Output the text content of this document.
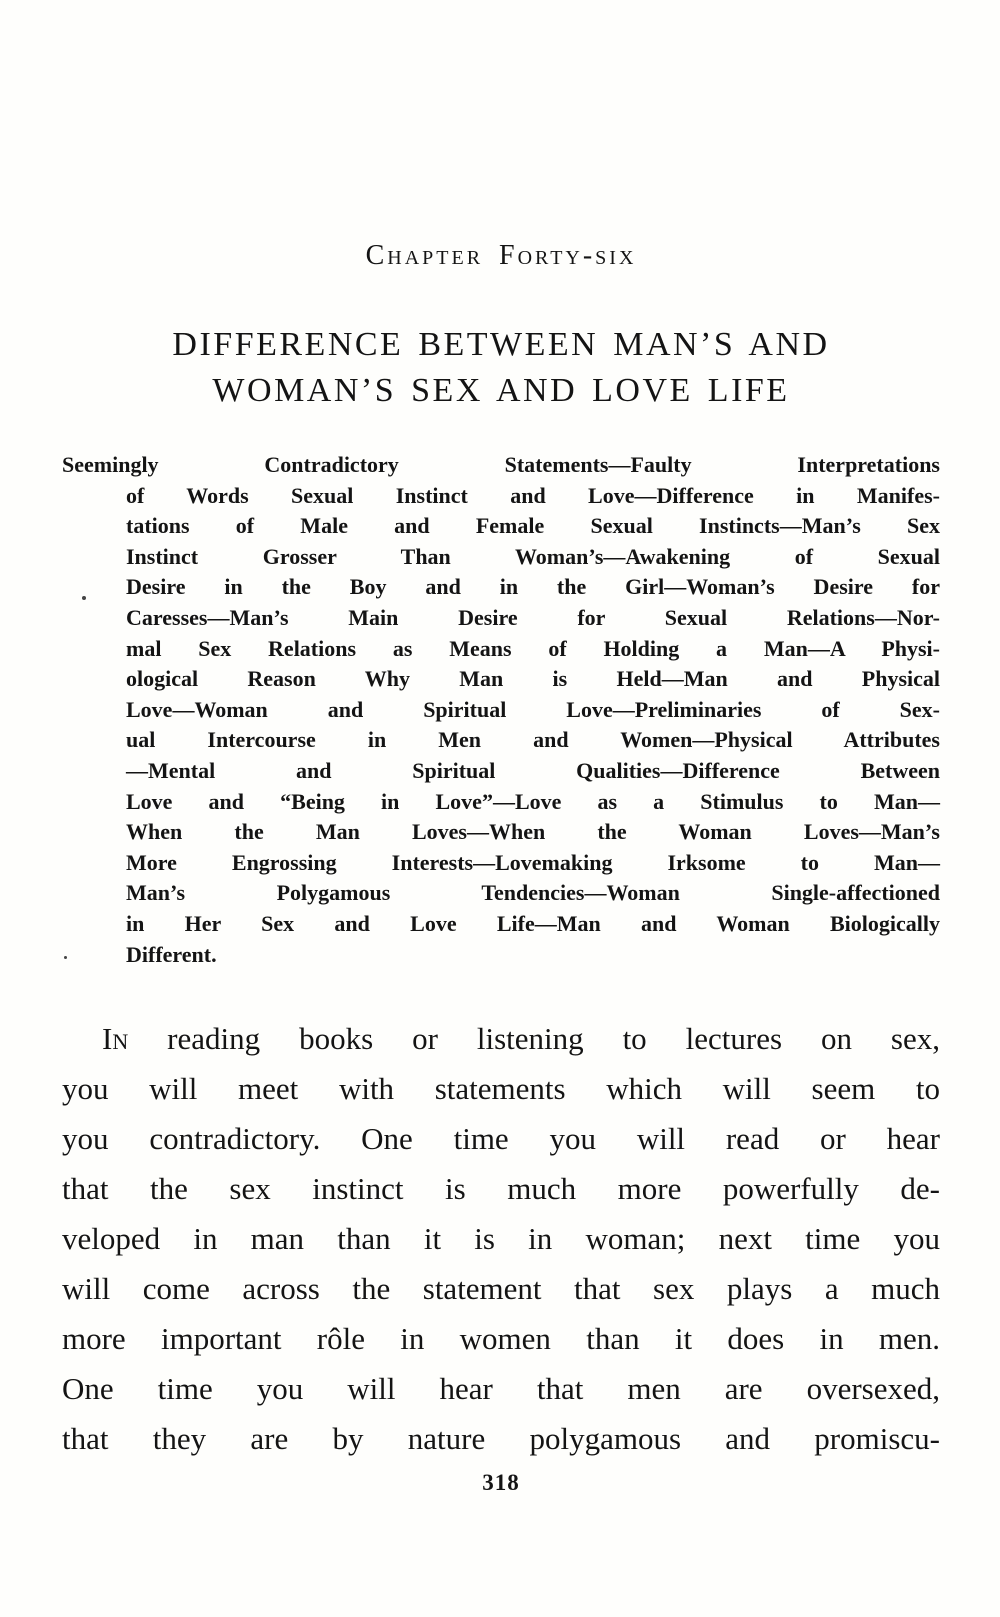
Chapter Forty-six
DIFFERENCE BETWEEN MAN’S AND
WOMAN’S SEX AND LOVE LIFE
Seemingly Contradictory Statements—Faulty Interpretations
of Words Sexual Instinct and Love—Difference in Manifes-
tations of Male and Female Sexual Instincts—Man’s Sex
Instinct Grosser Than Woman’s—Awakening of Sexual
Desire in the Boy and in the Girl—Woman’s Desire for
Caresses—Man’s Main Desire for Sexual Relations—Nor-
mal Sex Relations as Means of Holding a Man—A Physi-
ological Reason Why Man is Held—Man and Physical
Love—Woman and Spiritual Love—Preliminaries of Sex-
ual Intercourse in Men and Women—Physical Attributes
—Mental and Spiritual Qualities—Difference Between
Love and “Being in Love”—Love as a Stimulus to Man—
When the Man Loves—When the Woman Loves—Man’s
More Engrossing Interests—Lovemaking Irksome to Man—
Man’s Polygamous Tendencies—Woman Single-affectioned
in Her Sex and Love Life—Man and Woman Biologically
Different.
In reading books or listening to lectures on sex,
you will meet with statements which will seem to
you contradictory. One time you will read or hear
that the sex instinct is much more powerfully de-
veloped in man than it is in woman; next time you
will come across the statement that sex plays a much
more important rôle in women than it does in men.
One time you will hear that men are oversexed,
that they are by nature polygamous and promiscu-
318
